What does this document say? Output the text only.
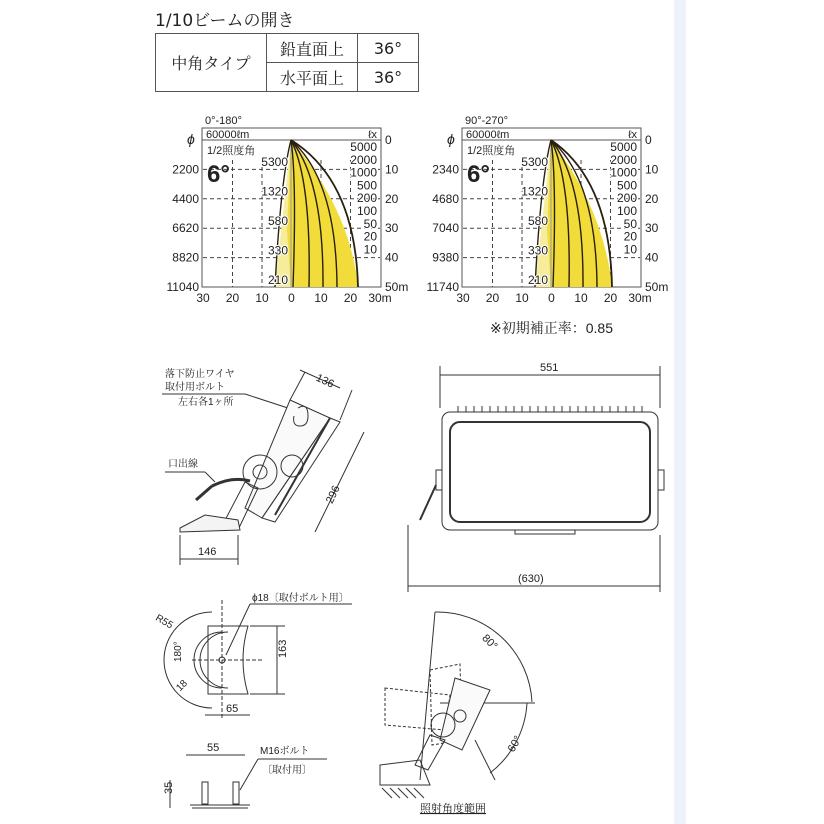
1/10ビームの開き
中角タイプ	鉛直面上	36°
	水平面上	36°
0°-180°
60000ℓm	ℓx
ϕ
1/2照度角
6°
2200
4400
6620
8820
11040
0
10
20
30
40
50m
30 20 10 0 10 20 30m
5000
2000
1000
500
200
100
50
20
10
5300
1320
580
330
210
90°-270°
60000ℓm	ℓx
ϕ
1/2照度角
6°
2340
4680
7040
9380
11740
0
10
20
30
40
50m
30 20 10 0 10 20 30m
5000
2000
1000
500
200
100
50
20
10
5300
1320
580
330
210
※初期補正率：0.85
落下防止ワイヤ
取付用ボルト
左右各1ヶ所
口出線
136
296
146
551
(630)
ϕ18〔取付ボルト用〕
R55
180°
18
163
65
55	M16ボルト
〔取付用〕
35
80°
60°
照射角度範囲
